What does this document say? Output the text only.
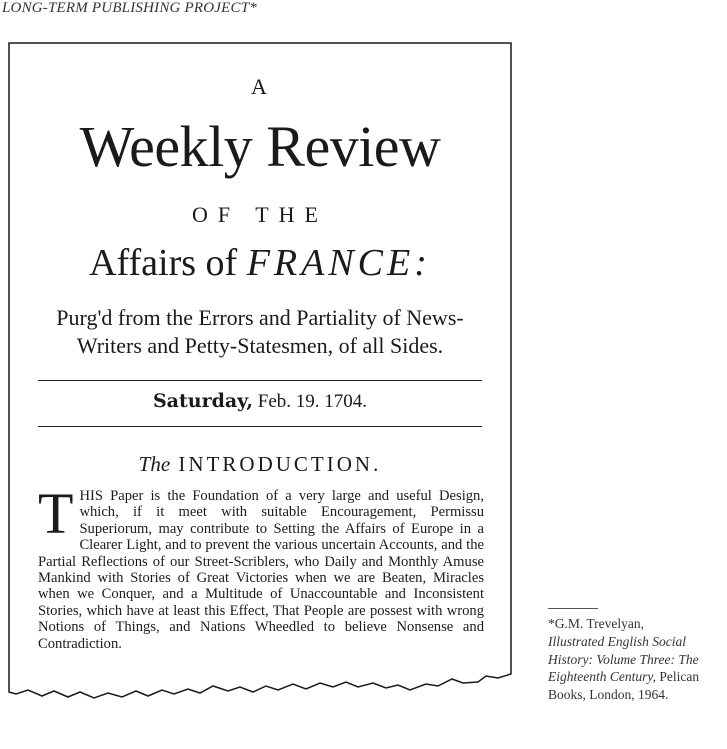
LONG-TERM PUBLISHING PROJECT*
A
Weekly Review
OF THE
Affairs of FRANCE:
Purg'd from the Errors and Partiality of News-
Writers and Petty-Statesmen, of all Sides.
Saturday, Feb. 19. 1704.
The INTRODUCTION.
THIS Paper is the Foundation of a very large and useful Design, which, if it meet with suitable Encouragement, Permissu Superiorum, may contribute to Setting the Affairs of Europe in a Clearer Light, and to prevent the various uncertain Accounts, and the Partial Reflections of our Street-Scriblers, who Daily and Monthly Amuse Mankind with Stories of Great Victories when we are Beaten, Miracles when we Conquer, and a Multitude of Unaccountable and Inconsistent Stories, which have at least this Effect, That People are possest with wrong Notions of Things, and Nations Wheedled to believe Nonsense and Contradiction.
*G.M. Trevelyan,
Illustrated English Social History: Volume Three: The Eighteenth Century, Pelican Books, London, 1964.
